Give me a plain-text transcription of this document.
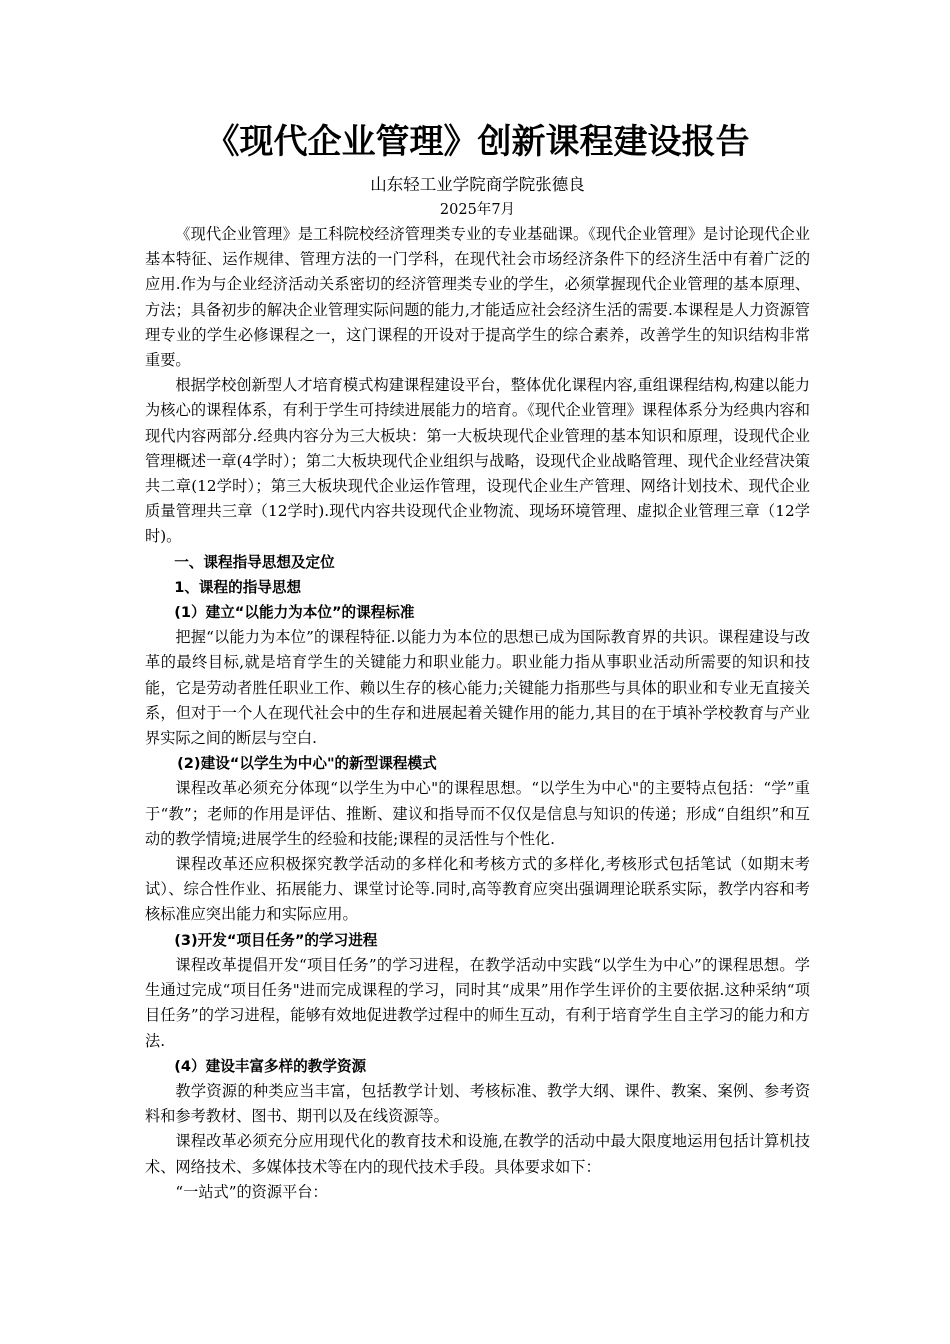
《现代企业管理》创新课程建设报告
山东轻工业学院商学院张德良
2025年7月

《现代企业管理》是工科院校经济管理类专业的专业基础课。《现代企业管理》是讨论现代企业基本特征、运作规律、管理方法的一门学科，在现代社会市场经济条件下的经济生活中有着广泛的应用.作为与企业经济活动关系密切的经济管理类专业的学生，必须掌握现代企业管理的基本原理、方法；具备初步的解决企业管理实际问题的能力,才能适应社会经济生活的需要.本课程是人力资源管理专业的学生必修课程之一，这门课程的开设对于提高学生的综合素养，改善学生的知识结构非常重要。

根据学校创新型人才培育模式构建课程建设平台，整体优化课程内容,重组课程结构,构建以能力为核心的课程体系，有利于学生可持续进展能力的培育。《现代企业管理》课程体系分为经典内容和现代内容两部分.经典内容分为三大板块：第一大板块现代企业管理的基本知识和原理，设现代企业管理概述一章(4学时）；第二大板块现代企业组织与战略，设现代企业战略管理、现代企业经营决策共二章(12学时）；第三大板块现代企业运作管理，设现代企业生产管理、网络计划技术、现代企业质量管理共三章（12学时).现代内容共设现代企业物流、现场环境管理、虚拟企业管理三章（12学时)。

一、课程指导思想及定位
1、课程的指导思想
(1）建立“以能力为本位”的课程标准

把握“以能力为本位”的课程特征.以能力为本位的思想已成为国际教育界的共识。课程建设与改革的最终目标,就是培育学生的关键能力和职业能力。职业能力指从事职业活动所需要的知识和技能，它是劳动者胜任职业工作、赖以生存的核心能力;关键能力指那些与具体的职业和专业无直接关系，但对于一个人在现代社会中的生存和进展起着关键作用的能力,其目的在于填补学校教育与产业界实际之间的断层与空白.

(2)建设“以学生为中心"的新型课程模式

课程改革必须充分体现“以学生为中心"的课程思想。“以学生为中心"的主要特点包括：“学”重于“教”；老师的作用是评估、推断、建议和指导而不仅仅是信息与知识的传递；形成“自组织”和互动的教学情境;进展学生的经验和技能;课程的灵活性与个性化.

课程改革还应积极探究教学活动的多样化和考核方式的多样化,考核形式包括笔试（如期末考试）、综合性作业、拓展能力、课堂讨论等.同时,高等教育应突出强调理论联系实际，教学内容和考核标准应突出能力和实际应用。

(3)开发“项目任务”的学习进程

课程改革提倡开发“项目任务”的学习进程，在教学活动中实践“以学生为中心”的课程思想。学生通过完成“项目任务"进而完成课程的学习，同时其“成果”用作学生评价的主要依据.这种采纳“项目任务”的学习进程，能够有效地促进教学过程中的师生互动，有利于培育学生自主学习的能力和方法.

(4）建设丰富多样的教学资源

教学资源的种类应当丰富，包括教学计划、考核标准、教学大纲、课件、教案、案例、参考资料和参考教材、图书、期刊以及在线资源等。

课程改革必须充分应用现代化的教育技术和设施,在教学的活动中最大限度地运用包括计算机技术、网络技术、多媒体技术等在内的现代技术手段。具体要求如下：

“一站式”的资源平台：
